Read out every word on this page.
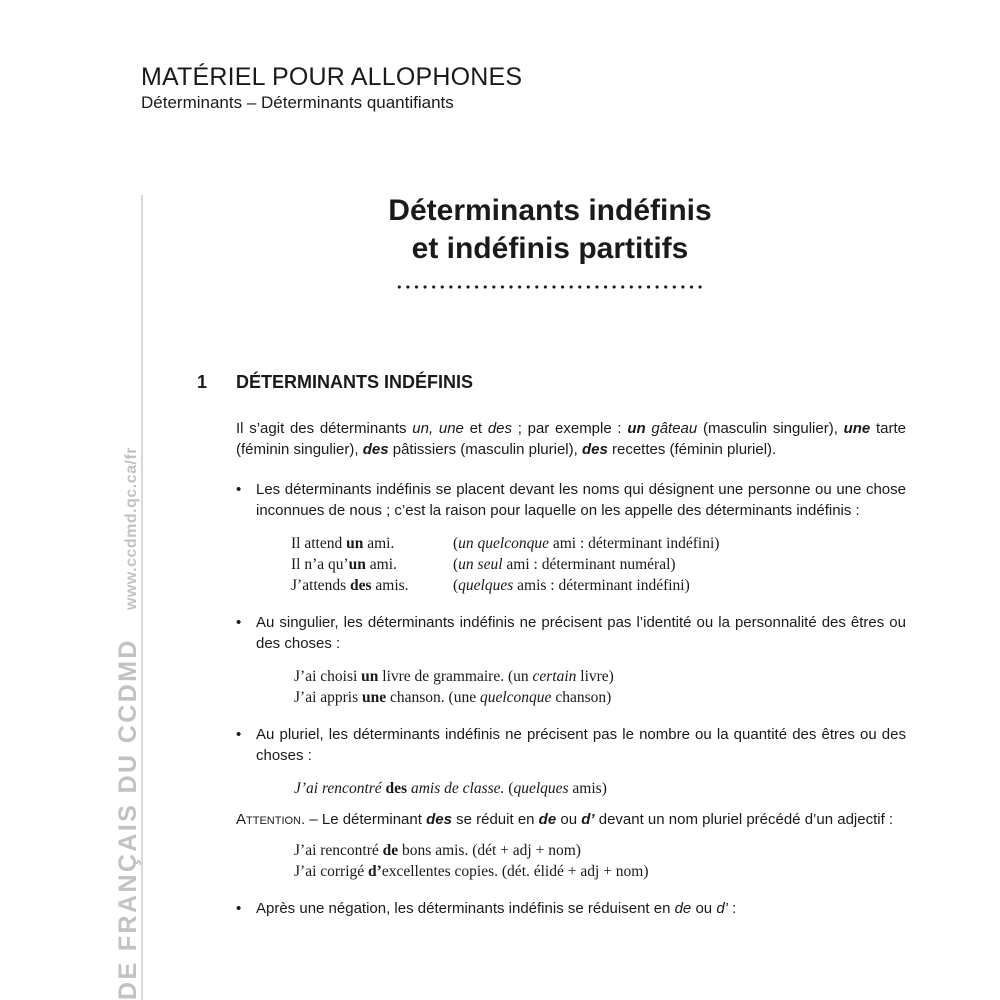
MATÉRIEL POUR ALLOPHONES
Déterminants – Déterminants quantifiants
DE FRANÇAIS DU CCDMDwww.ccdmd.qc.ca/fr
Déterminants indéfinis
et indéfinis partitifs
1 DÉTERMINANTS INDÉFINIS

Il s’agit des déterminants un, une et des ; par exemple : un gâteau (masculin singulier), une tarte (féminin singulier), des pâtissiers (masculin pluriel), des recettes (féminin pluriel).

• Les déterminants indéfinis se placent devant les noms qui désignent une personne ou une chose inconnues de nous ; c’est la raison pour laquelle on les appelle des déterminants indéfinis :

Il attend un ami.	(un quelconque ami : déterminant indéfini)
Il n’a qu’un ami.	(un seul ami : déterminant numéral)
J’attends des amis.	(quelques amis : déterminant indéfini)

• Au singulier, les déterminants indéfinis ne précisent pas l’identité ou la personnalité des êtres ou des choses :

J’ai choisi un livre de grammaire. (un certain livre)
J’ai appris une chanson. (une quelconque chanson)

• Au pluriel, les déterminants indéfinis ne précisent pas le nombre ou la quantité des êtres ou des choses :

J’ai rencontré des amis de classe. (quelques amis)

Attention. – Le déterminant des se réduit en de ou d’ devant un nom pluriel précédé d’un adjectif :

J’ai rencontré de bons amis. (dét + adj + nom)
J’ai corrigé d’excellentes copies. (dét. élidé + adj + nom)

• Après une négation, les déterminants indéfinis se réduisent en de ou d’ :
